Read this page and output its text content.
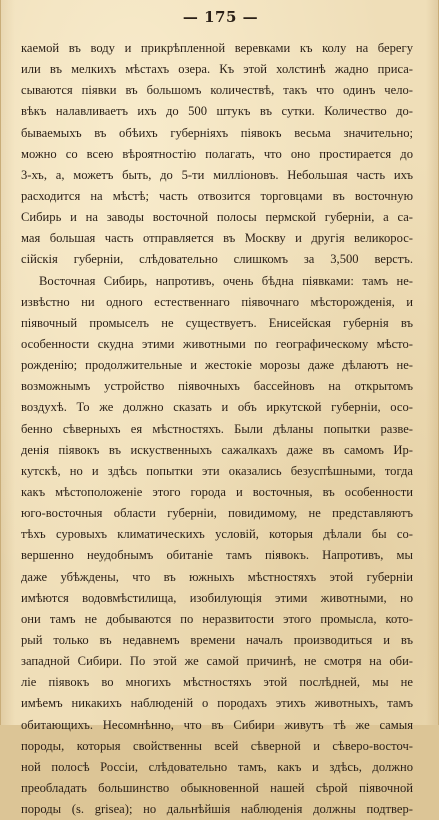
— 175 —
каемой въ воду и прикрѣпленной веревками къ колу на берегу
или въ мелкихъ мѣстахъ озера. Къ этой холстинѣ жадно приса-
сываются піявки въ большомъ количествѣ, такъ что одинъ чело-
вѣкъ налавливаетъ ихъ до 500 штукъ въ сутки. Количество до-
бываемыхъ въ обѣихъ губерніяхъ піявокъ весьма значительно;
можно со всею вѣроятностію полагать, что оно простирается до
3-хъ, а, можетъ быть, до 5-ти милліоновъ. Небольшая часть ихъ
расходится на мѣстѣ; часть отвозится торговцами въ восточную
Сибирь и на заводы восточной полосы пермской губерніи, а са-
мая большая часть отправляется въ Москву и другія великорос-
сійскія губерніи, слѣдовательно слишкомъ за 3,500 верстъ.
Восточная Сибирь, напротивъ, очень бѣдна піявками: тамъ не-
извѣстно ни одного естественнаго піявочнаго мѣсторожденія, и
піявочный промыселъ не существуетъ. Енисейская губернія въ
особенности скудна этими животными по географическому мѣсто-
рожденію; продолжительные и жестокіе морозы даже дѣлаютъ не-
возможнымъ устройство піявочныхъ бассейновъ на открытомъ
воздухѣ. То же должно сказать и объ иркутской губерніи, осо-
бенно сѣверныхъ ея мѣстностяхъ. Были дѣланы попытки разве-
денія піявокъ въ искуственныхъ сажалкахъ даже въ самомъ Ир-
кутскѣ, но и здѣсь попытки эти оказались безуспѣшными, тогда
какъ мѣстоположеніе этого города и восточныя, въ особенности
юго-восточныя области губерніи, повидимому, не представляютъ
тѣхъ суровыхъ климатическихъ условій, которыя дѣлали бы со-
вершенно неудобнымъ обитаніе тамъ піявокъ. Напротивъ, мы
даже убѣждены, что въ южныхъ мѣстностяхъ этой губерніи
имѣются водовмѣстилища, изобилующія этими животными, но
они тамъ не добываются по неразвитости этого промысла, кото-
рый только въ недавнемъ времени началъ производиться и въ
западной Сибири. По этой же самой причинѣ, не смотря на оби-
ліе піявокъ во многихъ мѣстностяхъ этой послѣдней, мы не
имѣемъ никакихъ наблюденій о породахъ этихъ животныхъ, тамъ
обитающихъ. Несомнѣнно, что въ Сибири живутъ тѣ же самыя
породы, которыя свойственны всей сѣверной и сѣверо-восточ-
ной полосѣ Россіи, слѣдовательно тамъ, какъ и здѣсь, должно
преобладать большинство обыкновенной нашей сѣрой піявочной
породы (s. grisea); но дальнѣйшія наблюденія должны подтвер-
